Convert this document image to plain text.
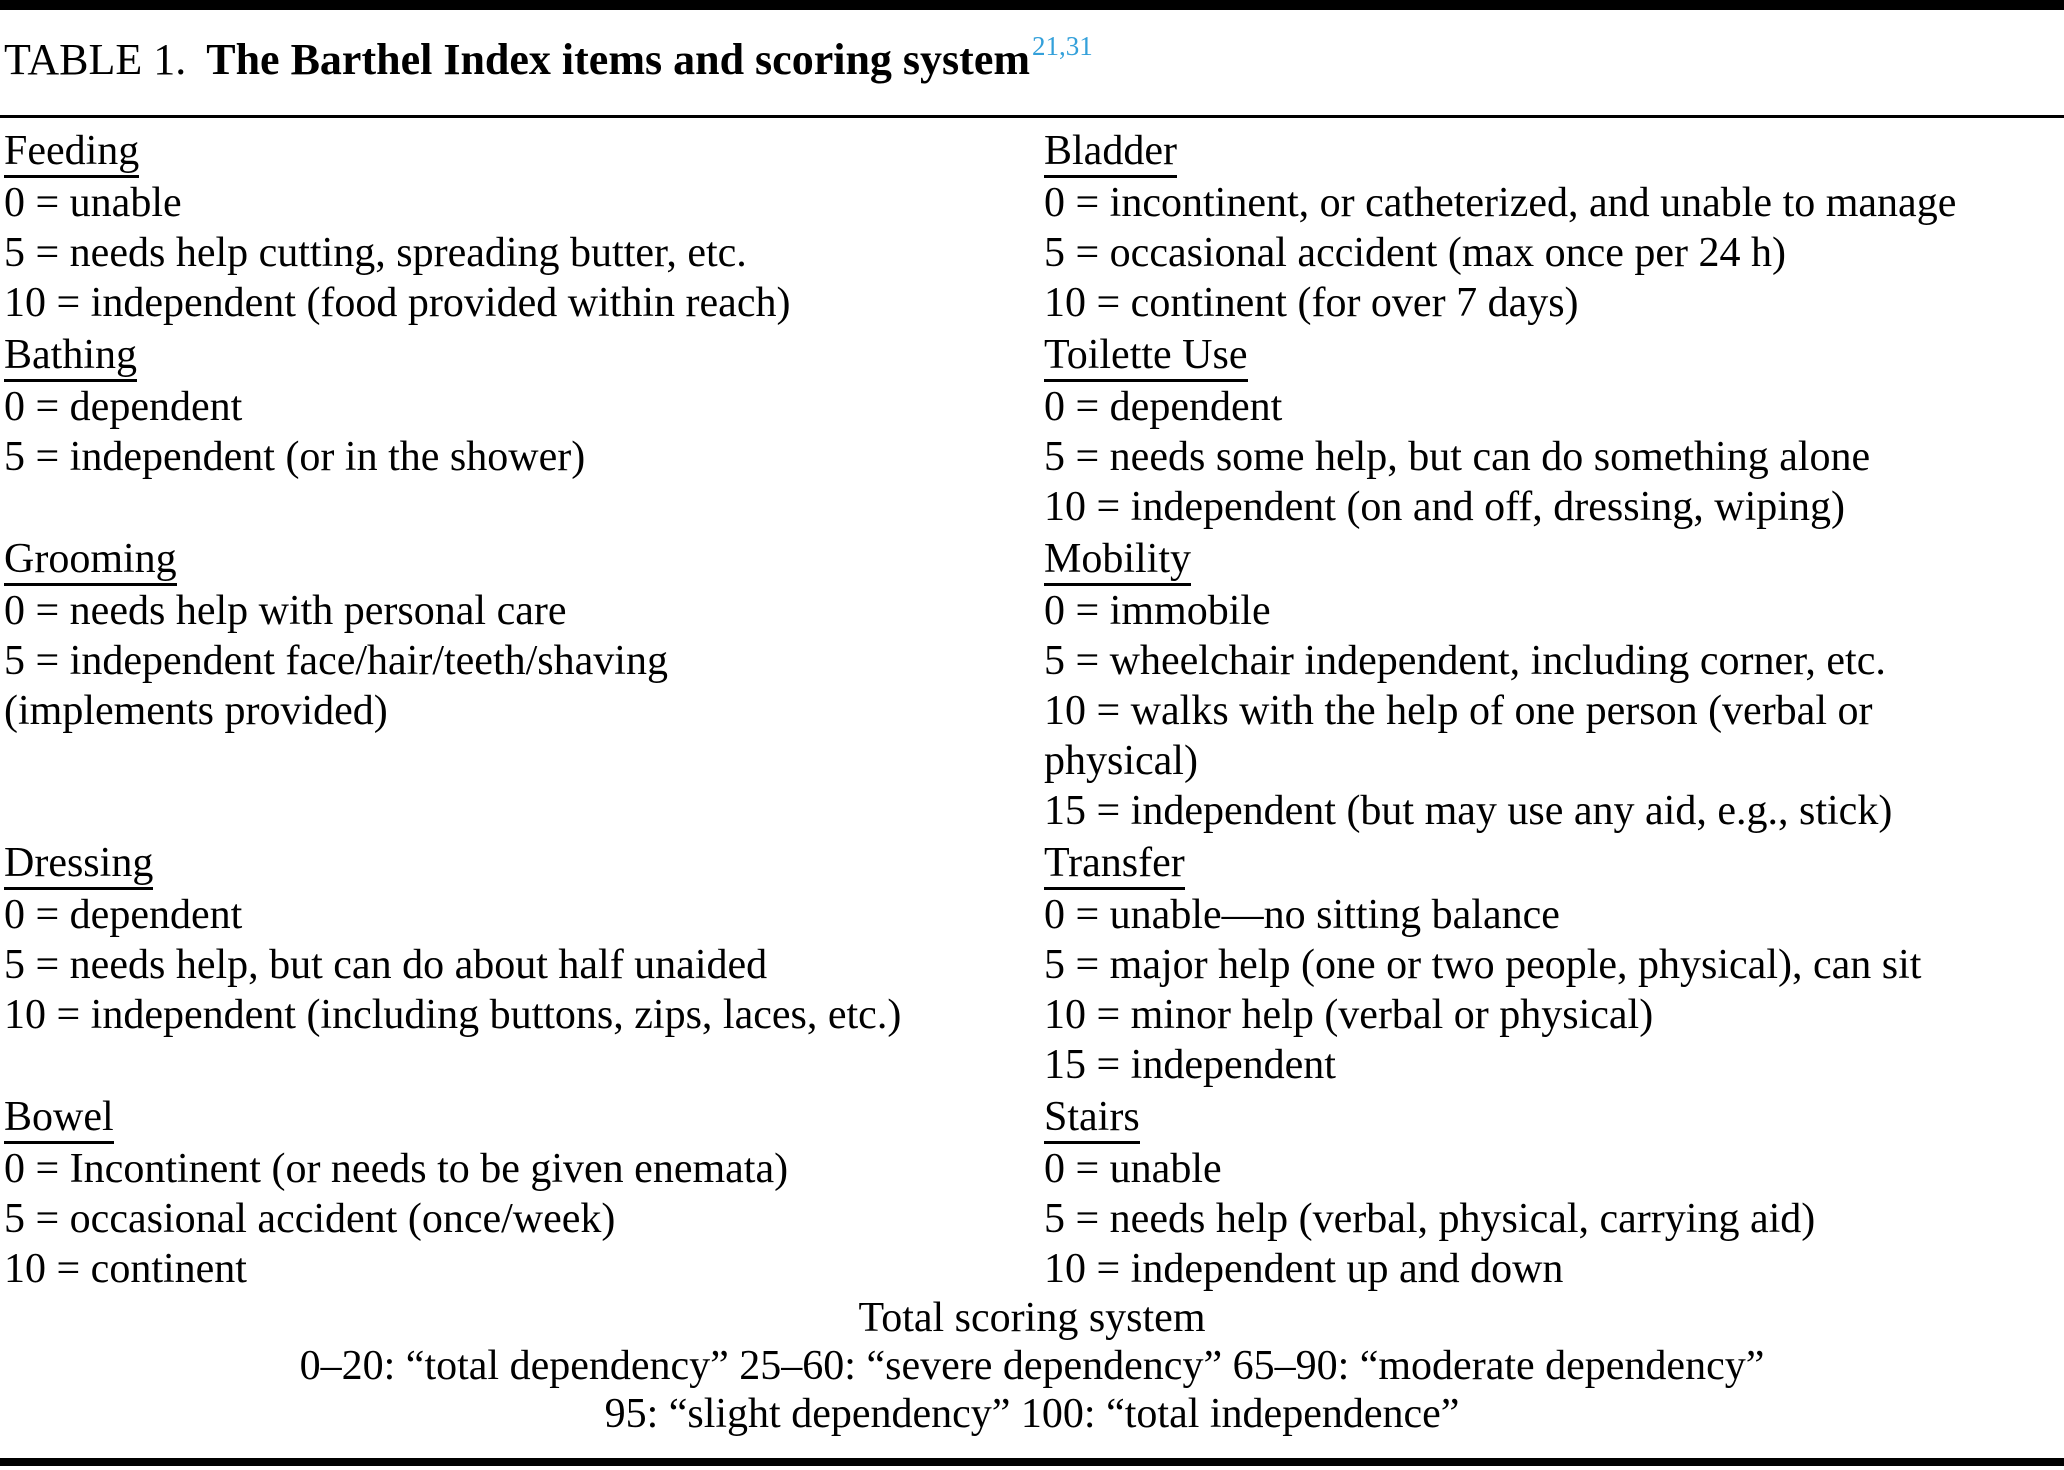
TABLE 1. The Barthel Index items and scoring system$^{21,31}$
Feeding
0 = unable
5 = needs help cutting, spreading butter, etc.
10 = independent (food provided within reach)
Bladder
0 = incontinent, or catheterized, and unable to manage
5 = occasional accident (max once per 24 h)
10 = continent (for over 7 days)
Bathing
0 = dependent
5 = independent (or in the shower)
Toilette Use
0 = dependent
5 = needs some help, but can do something alone
10 = independent (on and off, dressing, wiping)
Grooming
0 = needs help with personal care
5 = independent face/hair/teeth/shaving
(implements provided)
Mobility
0 = immobile
5 = wheelchair independent, including corner, etc.
10 = walks with the help of one person (verbal or
physical)
15 = independent (but may use any aid, e.g., stick)
Dressing
0 = dependent
5 = needs help, but can do about half unaided
10 = independent (including buttons, zips, laces, etc.)
Transfer
0 = unable—no sitting balance
5 = major help (one or two people, physical), can sit
10 = minor help (verbal or physical)
15 = independent
Bowel
0 = Incontinent (or needs to be given enemata)
5 = occasional accident (once/week)
10 = continent
Stairs
0 = unable
5 = needs help (verbal, physical, carrying aid)
10 = independent up and down
Total scoring system
0–20: “total dependency” 25–60: “severe dependency” 65–90: “moderate dependency”
95: “slight dependency” 100: “total independence”
